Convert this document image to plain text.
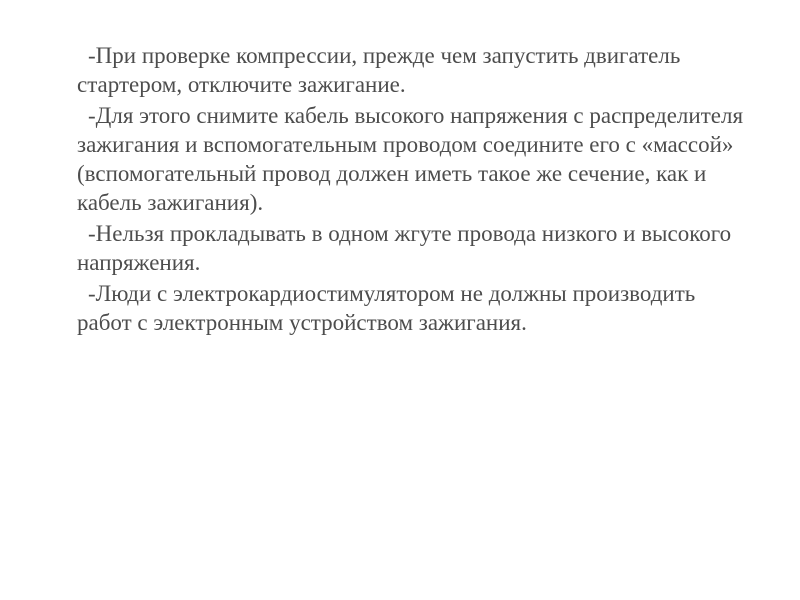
-При проверке компрессии, прежде чем запустить двигатель стартером, отключите зажигание.

-Для этого снимите кабель высокого напряжения с распределителя зажигания и вспомогательным проводом соедините его с «массой» (вспомогательный провод должен иметь такое же сечение, как и кабель зажигания).

-Нельзя прокладывать в одном жгуте провода низкого и высокого напряжения.

-Люди с электрокардиостимулятором не должны производить работ с электронным устройством зажигания.
